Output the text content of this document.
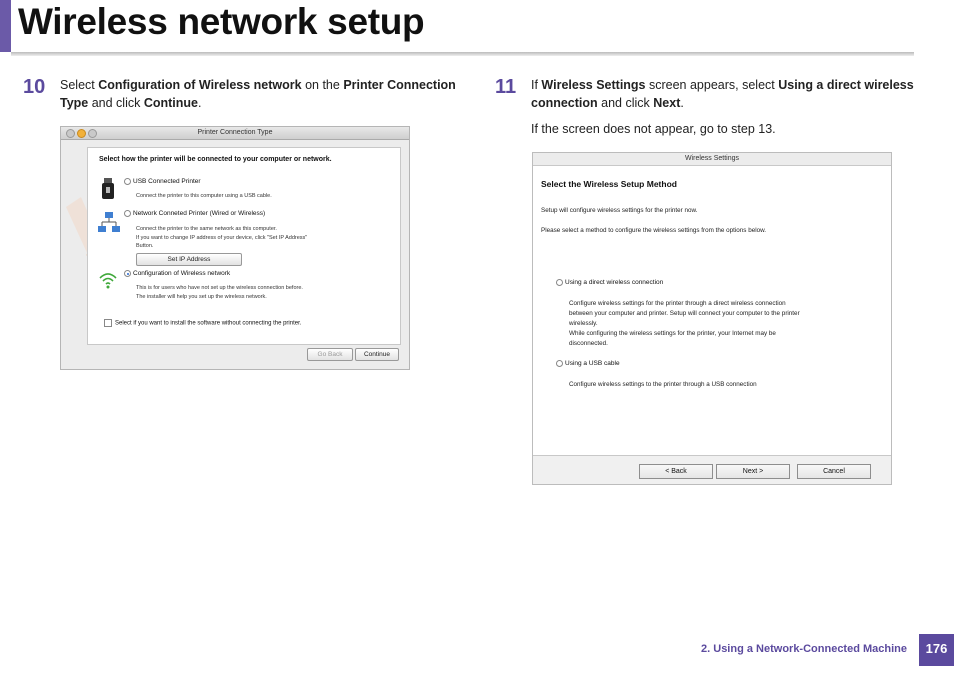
Wireless network setup
10 Select Configuration of Wireless network on the Printer Connection Type and click Continue.
Printer Connection Type
Select how the printer will be connected to your computer or network.
USB Connected Printer
Connect the printer to this computer using a USB cable.
Network Conneted Printer (Wired or Wireless)
Connect the printer to the same network as this computer.
If you want to change IP address of your device, click "Set IP Address"
Button.
Set IP Address
Configuration of Wireless network
This is for users who have not set up the wireless connection before.
The installer will help you set up the wireless network.
Select if you want to install the software without connecting the printer.
Go Back	Continue
11 If Wireless Settings screen appears, select Using a direct wireless connection and click Next.
If the screen does not appear, go to step 13.
Wireless Settings
Select the Wireless Setup Method
Setup will configure wireless settings for the printer now.
Please select a method to configure the wireless settings from the options below.
Using a direct wireless connection
Configure wireless settings for the printer through a direct wireless connection
between your computer and printer. Setup will connect your computer to the printer
wirelessly.
While configuring the wireless settings for the printer, your Internet may be
disconnected.
Using a USB cable
Configure wireless settings to the printer through a USB connection
< Back	Next >	Cancel
2. Using a Network-Connected Machine	176
